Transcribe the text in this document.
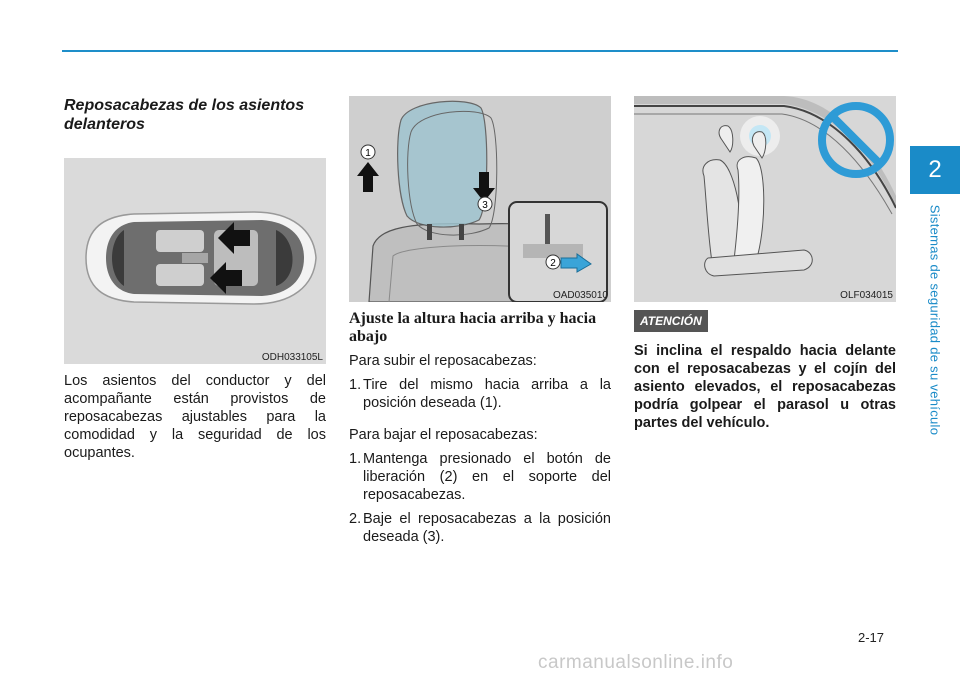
2
Sistemas de seguridad de su vehículo
Reposacabezas de los asientos delanteros
ODH033105L

Los asientos del conductor y del acompañante están provistos de reposacabezas ajustables para la comodidad y la seguridad de los ocupantes.

1
2
3
OAD035010
Ajuste la altura hacia arriba y hacia abajo

Para subir el reposacabezas:

1. Tire del mismo hacia arriba a la posición deseada (1).

Para bajar el reposacabezas:

1. Mantenga presionado el botón de liberación (2) en el soporte del reposacabezas.
2. Baje el reposacabezas a la posición deseada (3).
OLF034015
ATENCIÓN

Si inclina el respaldo hacia delante con el reposacabezas y el cojín del asiento elevados, el reposacabezas podría golpear el parasol u otras partes del vehículo.

2-17
carmanualsonline.info
